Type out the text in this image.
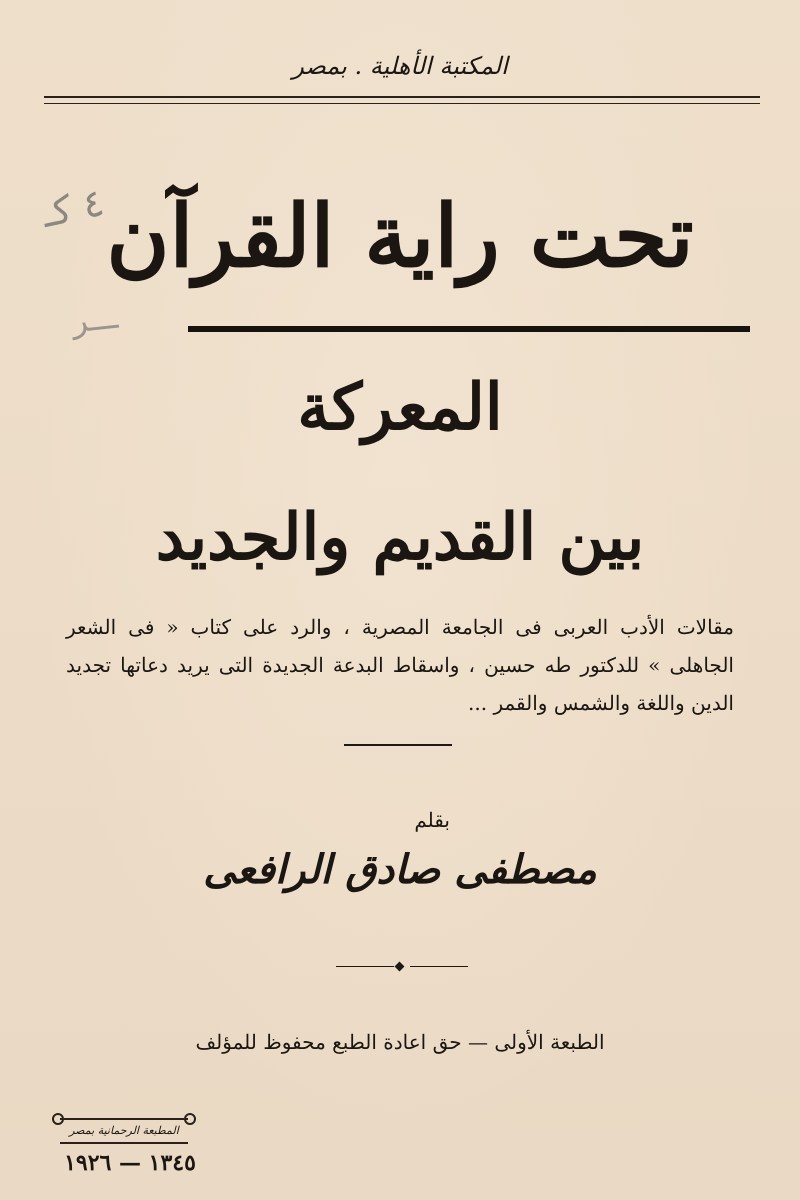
المكتبة الأهلية . بمصر
٤ كـ
ـــر
تحت راية القرآن
المعركة
بين القديم والجديد
مقالات الأدب العربى فى الجامعة المصرية ، والرد على كتاب « فى الشعر الجاهلى » للدكتور طه حسين ، واسقاط البدعة الجديدة التى يريد دعاتها تجديد الدين واللغة والشمس والقمر ...
بقلم
مصطفى صادق الرافعى
الطبعة الأولى — حق اعادة الطبع محفوظ للمؤلف
المطبعة الرحمانية بمصر
١٣٤٥ — ١٩٢٦
